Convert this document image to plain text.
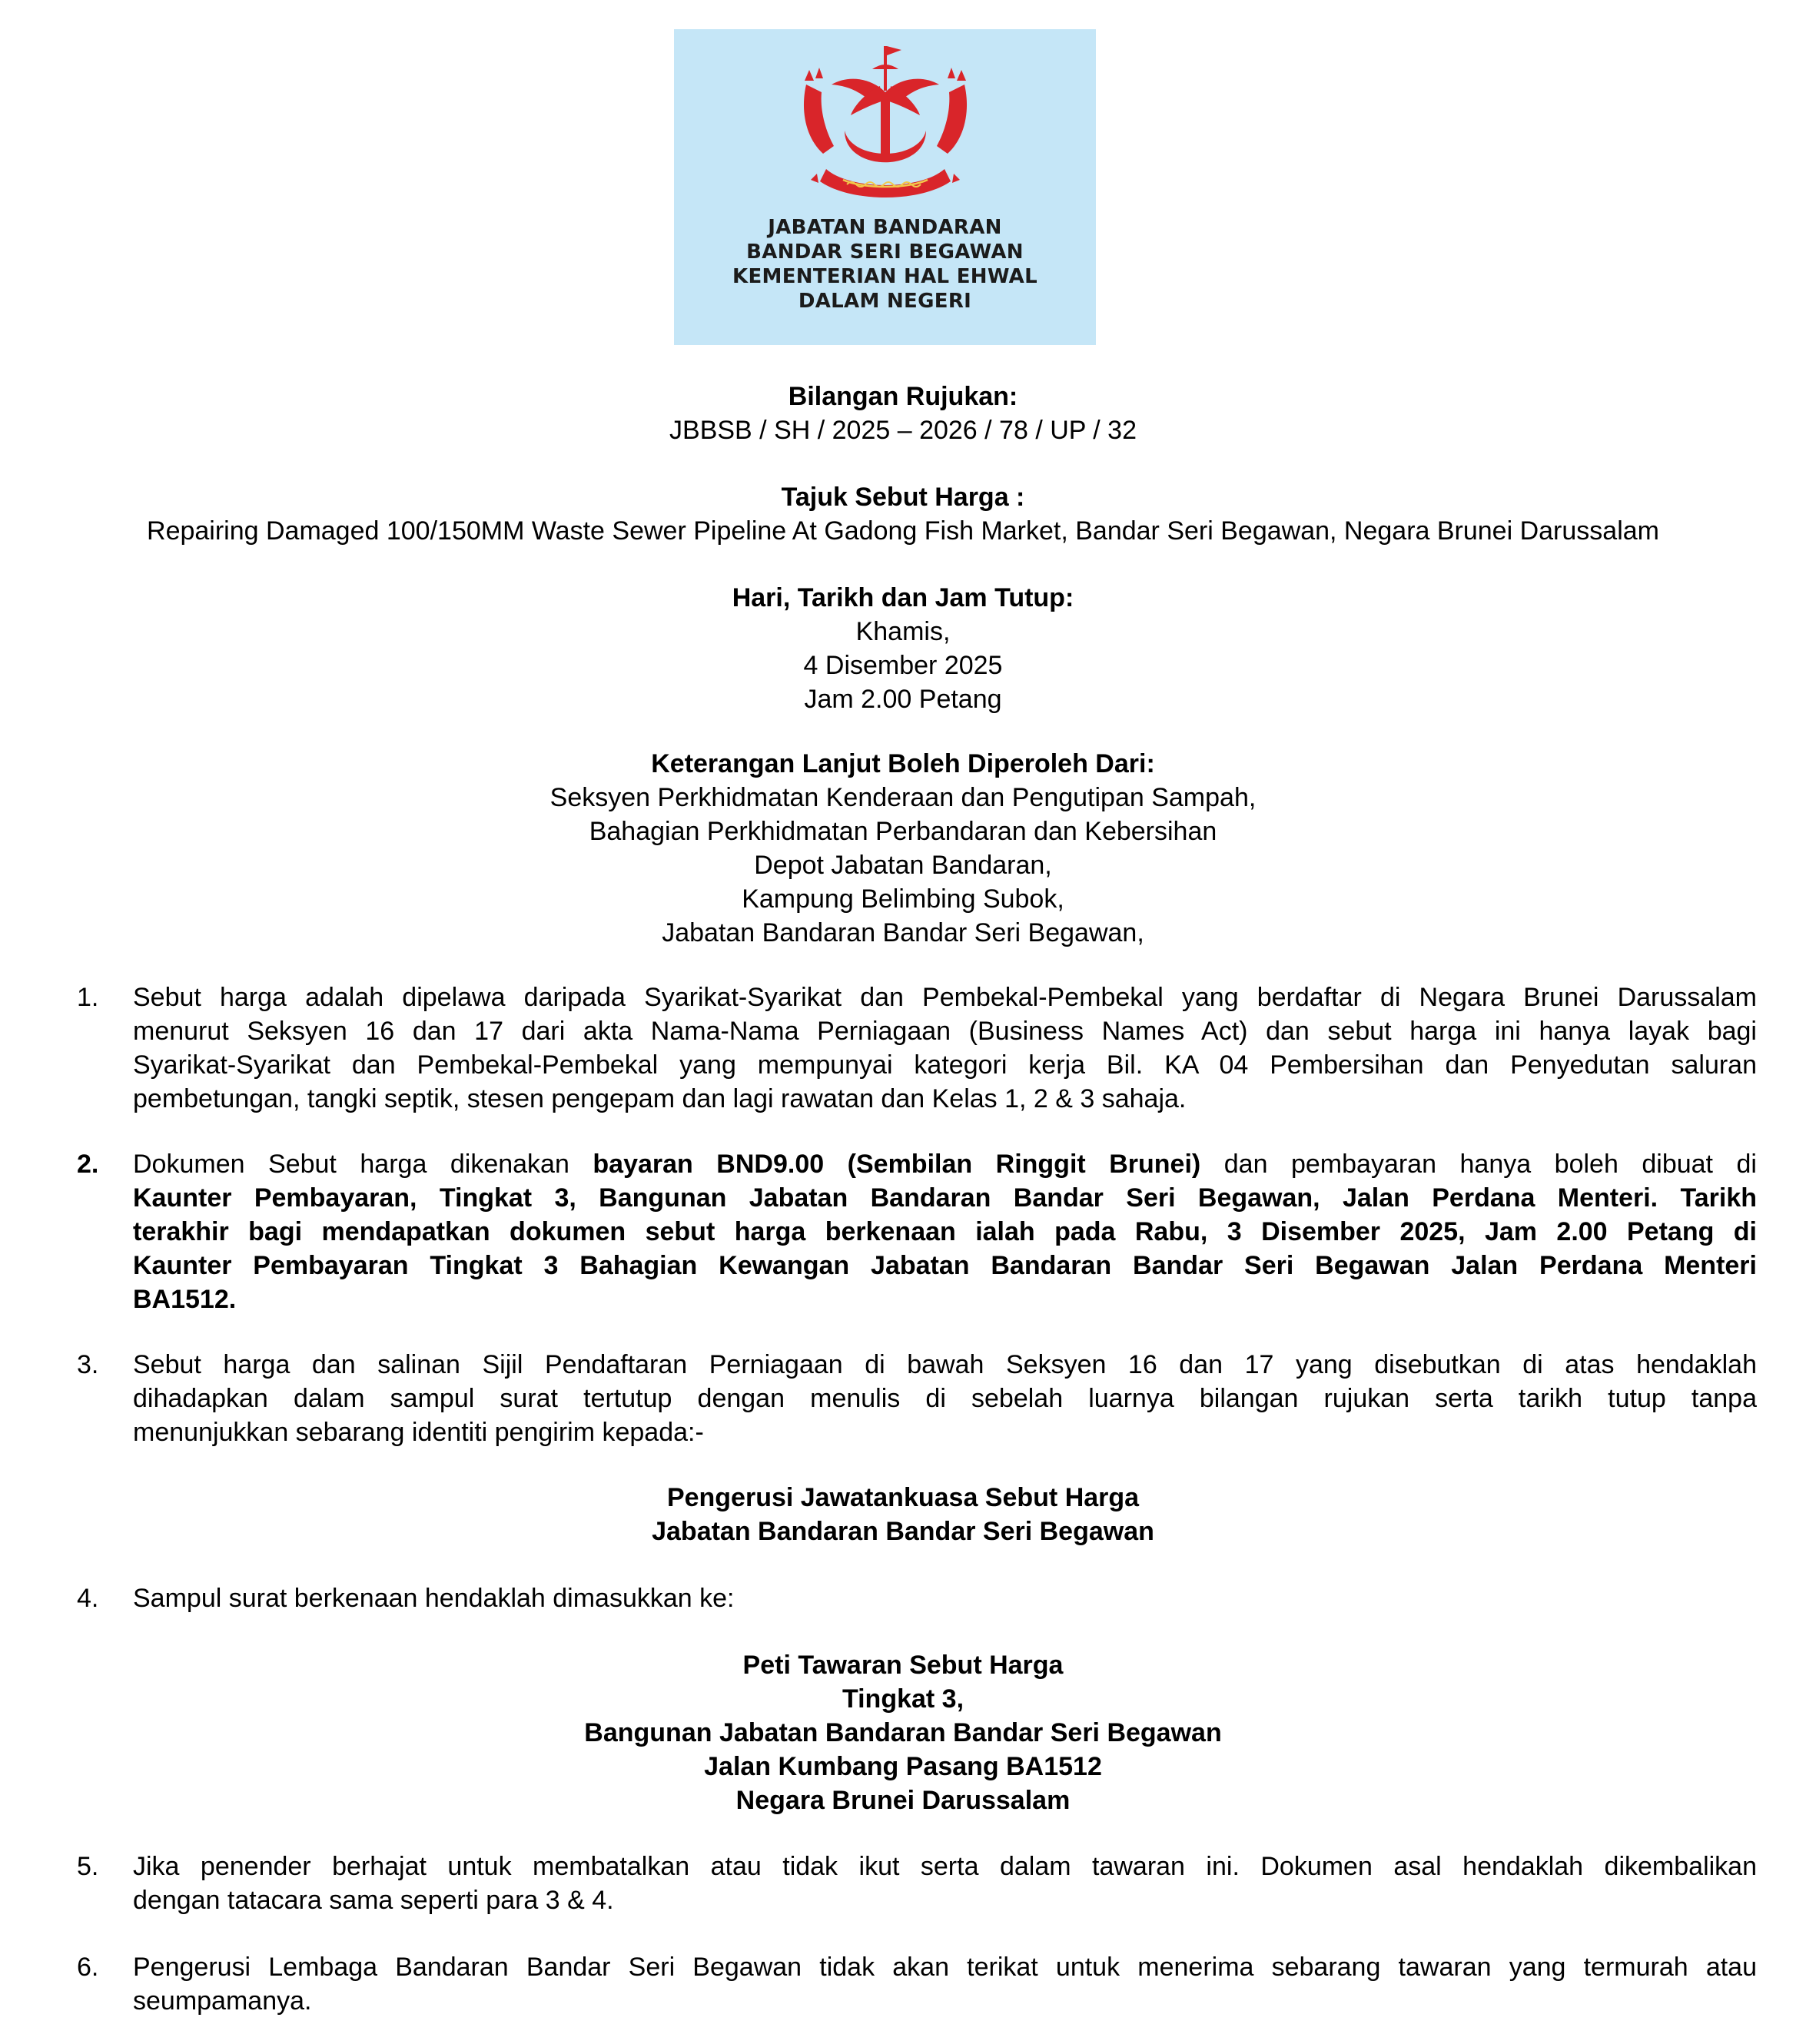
JABATAN BANDARAN
BANDAR SERI BEGAWAN
KEMENTERIAN HAL EHWAL
DALAM NEGERI
Bilangan Rujukan:
JBBSB / SH / 2025 – 2026 / 78 / UP / 32
Tajuk Sebut Harga :
Repairing Damaged 100/150MM Waste Sewer Pipeline At Gadong Fish Market, Bandar Seri Begawan, Negara Brunei Darussalam
Hari, Tarikh dan Jam Tutup:
Khamis,
4 Disember 2025
Jam 2.00 Petang
Keterangan Lanjut Boleh Diperoleh Dari:
Seksyen Perkhidmatan Kenderaan dan Pengutipan Sampah,
Bahagian Perkhidmatan Perbandaran dan Kebersihan
Depot Jabatan Bandaran,
Kampung Belimbing Subok,
Jabatan Bandaran Bandar Seri Begawan,
1.	Sebut harga adalah dipelawa daripada Syarikat-Syarikat dan Pembekal-Pembekal yang berdaftar di Negara Brunei Darussalam
menurut Seksyen 16 dan 17 dari akta Nama-Nama Perniagaan (Business Names Act) dan sebut harga ini hanya layak bagi
Syarikat-Syarikat dan Pembekal-Pembekal yang mempunyai kategori kerja Bil. KA 04 Pembersihan dan Penyedutan saluran
pembetungan, tangki septik, stesen pengepam dan lagi rawatan dan Kelas 1, 2 & 3 sahaja.
2.	Dokumen Sebut harga dikenakan bayaran BND9.00 (Sembilan Ringgit Brunei) dan pembayaran hanya boleh dibuat di
Kaunter Pembayaran, Tingkat 3, Bangunan Jabatan Bandaran Bandar Seri Begawan, Jalan Perdana Menteri. Tarikh
terakhir bagi mendapatkan dokumen sebut harga berkenaan ialah pada Rabu, 3 Disember 2025, Jam 2.00 Petang di
Kaunter Pembayaran Tingkat 3 Bahagian Kewangan Jabatan Bandaran Bandar Seri Begawan Jalan Perdana Menteri
BA1512.
3.	Sebut harga dan salinan Sijil Pendaftaran Perniagaan di bawah Seksyen 16 dan 17 yang disebutkan di atas hendaklah
dihadapkan dalam sampul surat tertutup dengan menulis di sebelah luarnya bilangan rujukan serta tarikh tutup tanpa
menunjukkan sebarang identiti pengirim kepada:-
Pengerusi Jawatankuasa Sebut Harga
Jabatan Bandaran Bandar Seri Begawan
4.	Sampul surat berkenaan hendaklah dimasukkan ke:
Peti Tawaran Sebut Harga
Tingkat 3,
Bangunan Jabatan Bandaran Bandar Seri Begawan
Jalan Kumbang Pasang BA1512
Negara Brunei Darussalam
5.	Jika penender berhajat untuk membatalkan atau tidak ikut serta dalam tawaran ini. Dokumen asal hendaklah dikembalikan
dengan tatacara sama seperti para 3 & 4.
6.	Pengerusi Lembaga Bandaran Bandar Seri Begawan tidak akan terikat untuk menerima sebarang tawaran yang termurah atau
seumpamanya.
